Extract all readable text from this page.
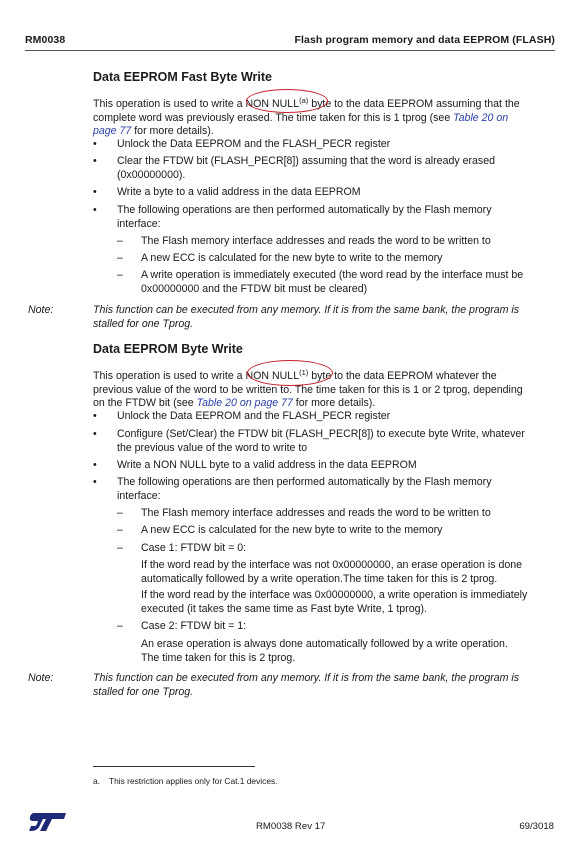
RM0038	Flash program memory and data EEPROM (FLASH)
Data EEPROM Fast Byte Write
This operation is used to write a NON NULL$^{(a)}$ byte to the data EEPROM assuming that the
complete word was previously erased. The time taken for this is 1 tprog (see Table 20 on
page 77 for more details).
• Unlock the Data EEPROM and the FLASH_PECR register
• Clear the FTDW bit (FLASH_PECR[8]) assuming that the word is already erased
(0x00000000).
• Write a byte to a valid address in the data EEPROM
• The following operations are then performed automatically by the Flash memory
interface:
– The Flash memory interface addresses and reads the word to be written to
– A new ECC is calculated for the new byte to write to the memory
– A write operation is immediately executed (the word read by the interface must be
0x00000000 and the FTDW bit must be cleared)
Note:	This function can be executed from any memory. If it is from the same bank, the program is
stalled for one Tprog.
Data EEPROM Byte Write
This operation is used to write a NON NULL$^{(1)}$ byte to the data EEPROM whatever the
previous value of the word to be written to. The time taken for this is 1 or 2 tprog, depending
on the FTDW bit (see Table 20 on page 77 for more details).
• Unlock the Data EEPROM and the FLASH_PECR register
• Configure (Set/Clear) the FTDW bit (FLASH_PECR[8]) to execute byte Write, whatever
the previous value of the word to write to
• Write a NON NULL byte to a valid address in the data EEPROM
• The following operations are then performed automatically by the Flash memory
interface:
– The Flash memory interface addresses and reads the word to be written to
– A new ECC is calculated for the new byte to write to the memory
– Case 1: FTDW bit = 0:
If the word read by the interface was not 0x00000000, an erase operation is done
automatically followed by a write operation.The time taken for this is 2 tprog.
If the word read by the interface was 0x00000000, a write operation is immediately
executed (it takes the same time as Fast byte Write, 1 tprog).
– Case 2: FTDW bit = 1:
An erase operation is always done automatically followed by a write operation.
The time taken for this is 2 tprog.
Note:	This function can be executed from any memory. If it is from the same bank, the program is
stalled for one Tprog.
a. This restriction applies only for Cat.1 devices.
RM0038 Rev 17	69/3018
